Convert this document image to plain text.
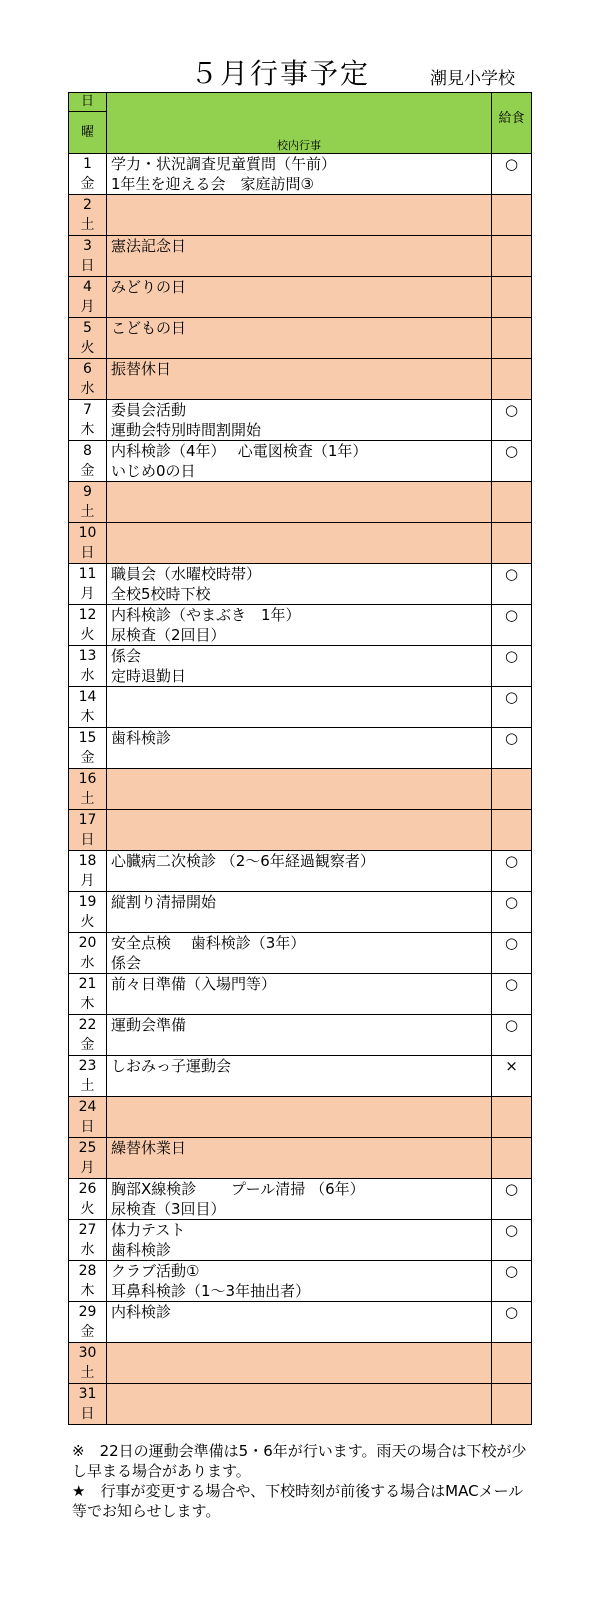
５月行事予定	潮見小学校
日
曜	校内行事	給食

1
金	学力・状況調査児童質問（午前）
1年生を迎える会　家庭訪問③	○

2
土		

3
日	憲法記念日	

4
月	みどりの日	

5
火	こどもの日	

6
水	振替休日	

7
木	委員会活動
運動会特別時間割開始	○

8
金	内科検診（4年）　 心電図検査（1年）
いじめ0の日	○

9
土		

10
日		

11
月	職員会（水曜校時帯）
全校5校時下校	○

12
火	内科検診（やまぶき　1年）
尿検査（2回目）	○

13
水	係会
定時退勤日	○

14
木		○

15
金	歯科検診	○

16
土		

17
日		

18
月	心臓病二次検診 （2～6年経過観察者）	○

19
火	縦割り清掃開始	○

20
水	安全点検　 歯科検診（3年）
係会	○

21
木	前々日準備（入場門等）	○

22
金	運動会準備	○

23
土	しおみっ子運動会	×

24
日		

25
月	繰替休業日	

26
火	胸部X線検診　　 プール清掃 （6年）
尿検査（3回目）	○

27
水	体力テスト
歯科検診	○

28
木	クラブ活動①
耳鼻科検診（1～3年抽出者）	○

29
金	内科検診	○

30
土		

31
日		

※　22日の運動会準備は5・6年が行います。雨天の場合は下校が少し早まる場合があります。

★　行事が変更する場合や、下校時刻が前後する場合はMACメール等でお知らせします。
